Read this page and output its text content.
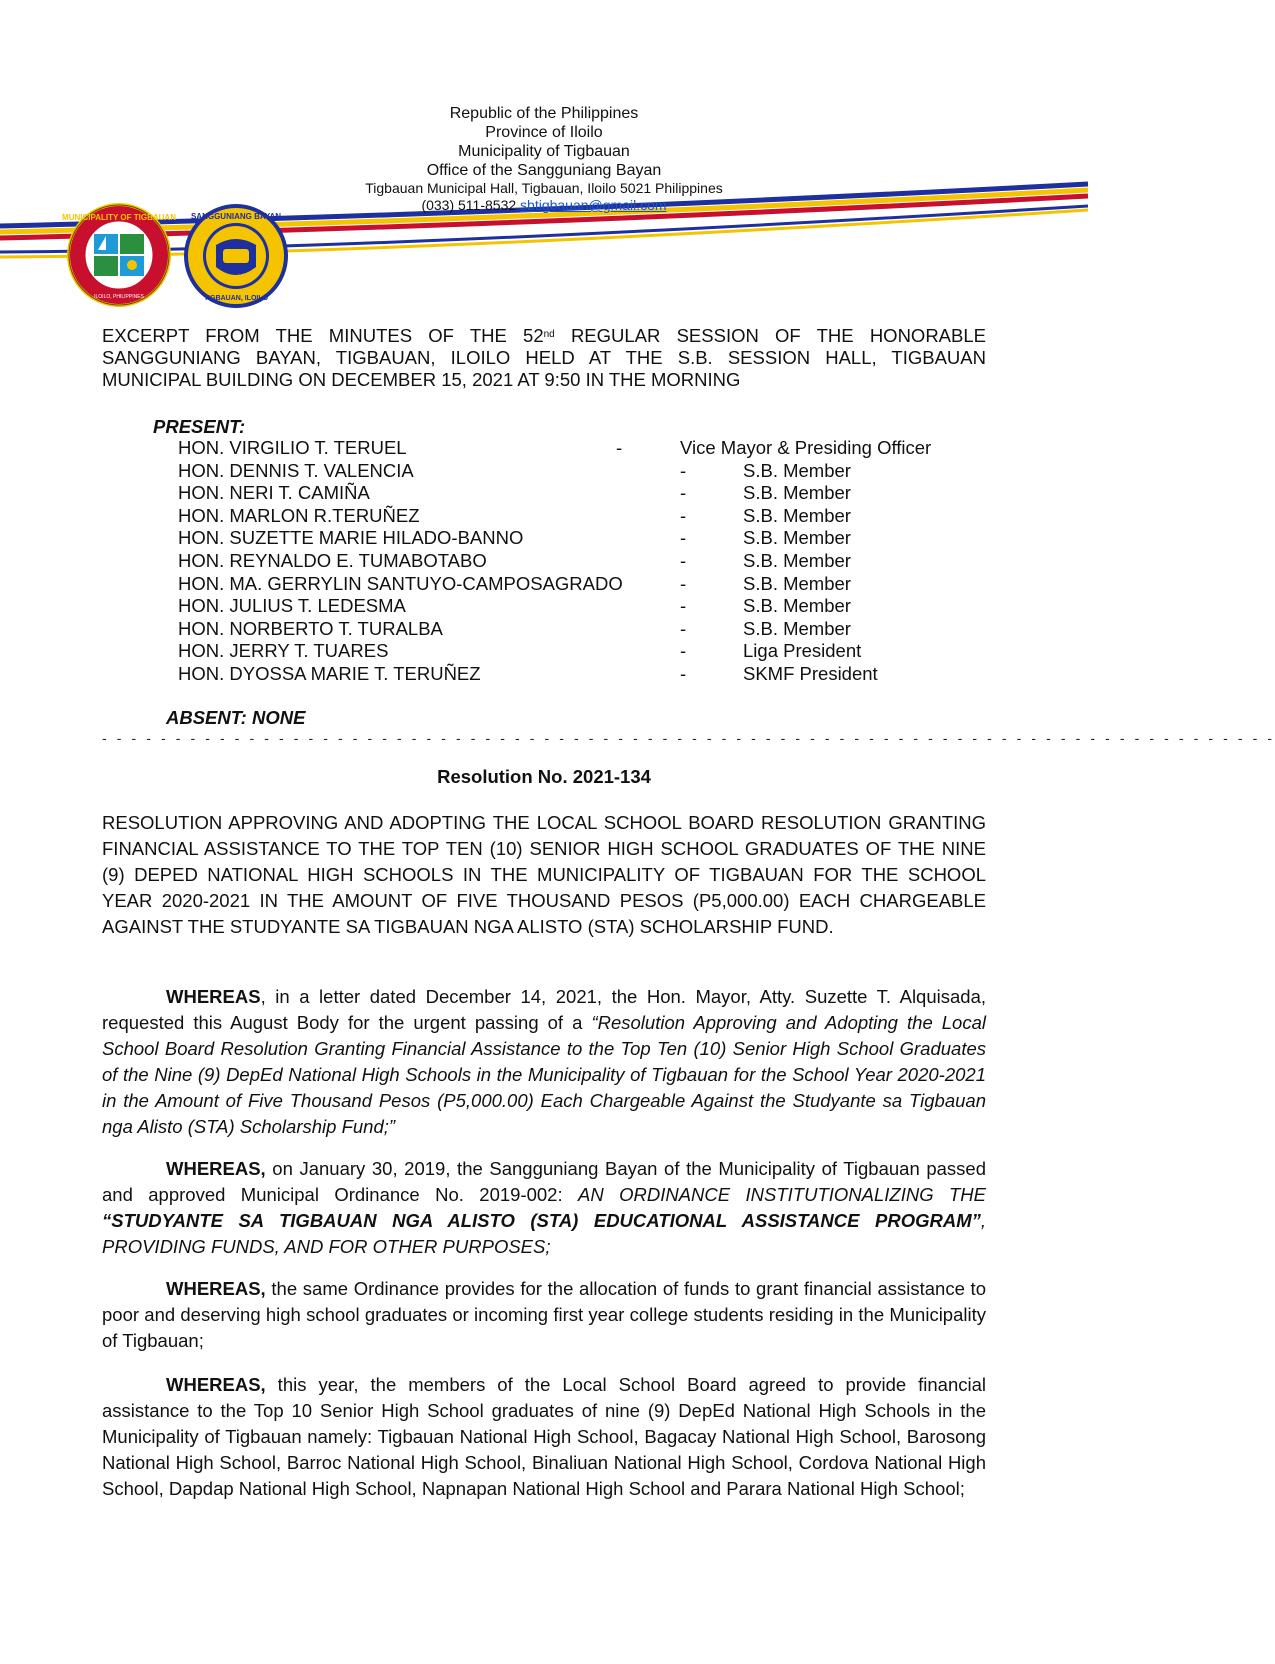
MUNICIPALITY OF TIGBAUAN
ILOILO, PHILIPPINES
SANGGUNIANG BAYAN
TIGBAUAN, ILOILO
Republic of the Philippines
Province of Iloilo
Municipality of Tigbauan
Office of the Sangguniang Bayan
Tigbauan Municipal Hall, Tigbauan, Iloilo 5021 Philippines
(033) 511-8532 sbtigbauan@gmail.com
EXCERPT FROM THE MINUTES OF THE 52nd REGULAR SESSION OF THE HONORABLE SANGGUNIANG BAYAN, TIGBAUAN, ILOILO HELD AT THE S.B. SESSION HALL, TIGBAUAN MUNICIPAL BUILDING ON DECEMBER 15, 2021 AT 9:50 IN THE MORNING
PRESENT:
HON. VIRGILIO T. TERUEL	-	Vice Mayor & Presiding Officer
HON. DENNIS T. VALENCIA	-	S.B. Member
HON. NERI T. CAMIÑA	-	S.B. Member
HON. MARLON R.TERUÑEZ	-	S.B. Member
HON. SUZETTE MARIE HILADO-BANNO	-	S.B. Member
HON. REYNALDO E. TUMABOTABO	-	S.B. Member
HON. MA. GERRYLIN SANTUYO-CAMPOSAGRADO	-	S.B. Member
HON. JULIUS T. LEDESMA	-	S.B. Member
HON. NORBERTO T. TURALBA	-	S.B. Member
HON. JERRY T. TUARES	-	Liga President
HON. DYOSSA MARIE T. TERUÑEZ	-	SKMF President
ABSENT: NONE
- - - - - - - - - - - - - - - - - - - - - - - - - - - - - - - - - - - - - - - - - - - - - - - - - - - - - - - - - - - - - - - - - - - - - - - - - - - - - - - -
Resolution No. 2021-134
RESOLUTION APPROVING AND ADOPTING THE LOCAL SCHOOL BOARD RESOLUTION GRANTING FINANCIAL ASSISTANCE TO THE TOP TEN (10) SENIOR HIGH SCHOOL GRADUATES OF THE NINE (9) DEPED NATIONAL HIGH SCHOOLS IN THE MUNICIPALITY OF TIGBAUAN FOR THE SCHOOL YEAR 2020-2021 IN THE AMOUNT OF FIVE THOUSAND PESOS (P5,000.00) EACH CHARGEABLE AGAINST THE STUDYANTE SA TIGBAUAN NGA ALISTO (STA) SCHOLARSHIP FUND.
WHEREAS, in a letter dated December 14, 2021, the Hon. Mayor, Atty. Suzette T. Alquisada, requested this August Body for the urgent passing of a “Resolution Approving and Adopting the Local School Board Resolution Granting Financial Assistance to the Top Ten (10) Senior High School Graduates of the Nine (9) DepEd National High Schools in the Municipality of Tigbauan for the School Year 2020-2021 in the Amount of Five Thousand Pesos (P5,000.00) Each Chargeable Against the Studyante sa Tigbauan nga Alisto (STA) Scholarship Fund;”
WHEREAS, on January 30, 2019, the Sangguniang Bayan of the Municipality of Tigbauan passed and approved Municipal Ordinance No. 2019-002: AN ORDINANCE INSTITUTIONALIZING THE “STUDYANTE SA TIGBAUAN NGA ALISTO (STA) EDUCATIONAL ASSISTANCE PROGRAM”, PROVIDING FUNDS, AND FOR OTHER PURPOSES;
WHEREAS, the same Ordinance provides for the allocation of funds to grant financial assistance to poor and deserving high school graduates or incoming first year college students residing in the Municipality of Tigbauan;
WHEREAS, this year, the members of the Local School Board agreed to provide financial assistance to the Top 10 Senior High School graduates of nine (9) DepEd National High Schools in the Municipality of Tigbauan namely: Tigbauan National High School, Bagacay National High School, Barosong National High School, Barroc National High School, Binaliuan National High School, Cordova National High School, Dapdap National High School, Napnapan National High School and Parara National High School;
